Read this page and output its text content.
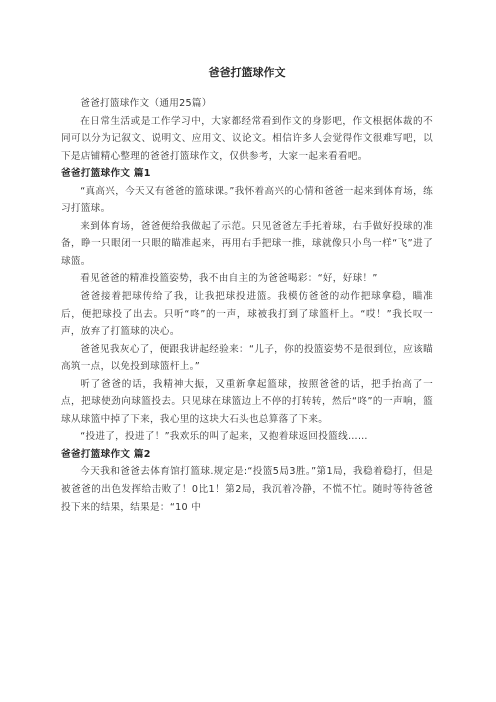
爸爸打篮球作文

爸爸打篮球作文（通用25篇）

在日常生活或是工作学习中，大家都经常看到作文的身影吧，作文根据体裁的不同可以分为记叙文、说明文、应用文、议论文。相信许多人会觉得作文很难写吧，以下是店铺精心整理的爸爸打篮球作文，仅供参考，大家一起来看看吧。

爸爸打篮球作文 篇1

“真高兴，今天又有爸爸的篮球课。”我怀着高兴的心情和爸爸一起来到体育场，练习打篮球。

来到体育场，爸爸便给我做起了示范。只见爸爸左手托着球，右手做好投球的准备，睁一只眼闭一只眼的瞄准起来，再用右手把球一推，球就像只小鸟一样“飞”进了球篮。

看见爸爸的精准投篮姿势，我不由自主的为爸爸喝彩：“好，好球！”

爸爸接着把球传给了我，让我把球投进篮。我模仿爸爸的动作把球拿稳，瞄准后，便把球投了出去。只听“咚”的一声，球被我打到了球篮杆上。“哎！”我长叹一声，放弃了打篮球的决心。

爸爸见我灰心了，便跟我讲起经验来：“儿子，你的投篮姿势不是很到位，应该瞄高筑一点，以免投到球篮杆上。”

听了爸爸的话，我精神大振，又重新拿起篮球，按照爸爸的话，把手抬高了一点，把球使劲向球篮投去。只见球在球篮边上不停的打转转，然后“咚”的一声响，篮球从球篮中掉了下来，我心里的这块大石头也总算落了下来。

“投进了，投进了！”我欢乐的叫了起来，又抱着球返回投篮线……

爸爸打篮球作文 篇2

今天我和爸爸去体育馆打篮球.规定是:“投篮5局3胜。”第1局，我稳着稳打，但是被爸爸的出色发挥给击败了！0比1！第2局，我沉着冷静，不慌不忙。随时等待爸爸投下来的结果，结果是：“10 中
